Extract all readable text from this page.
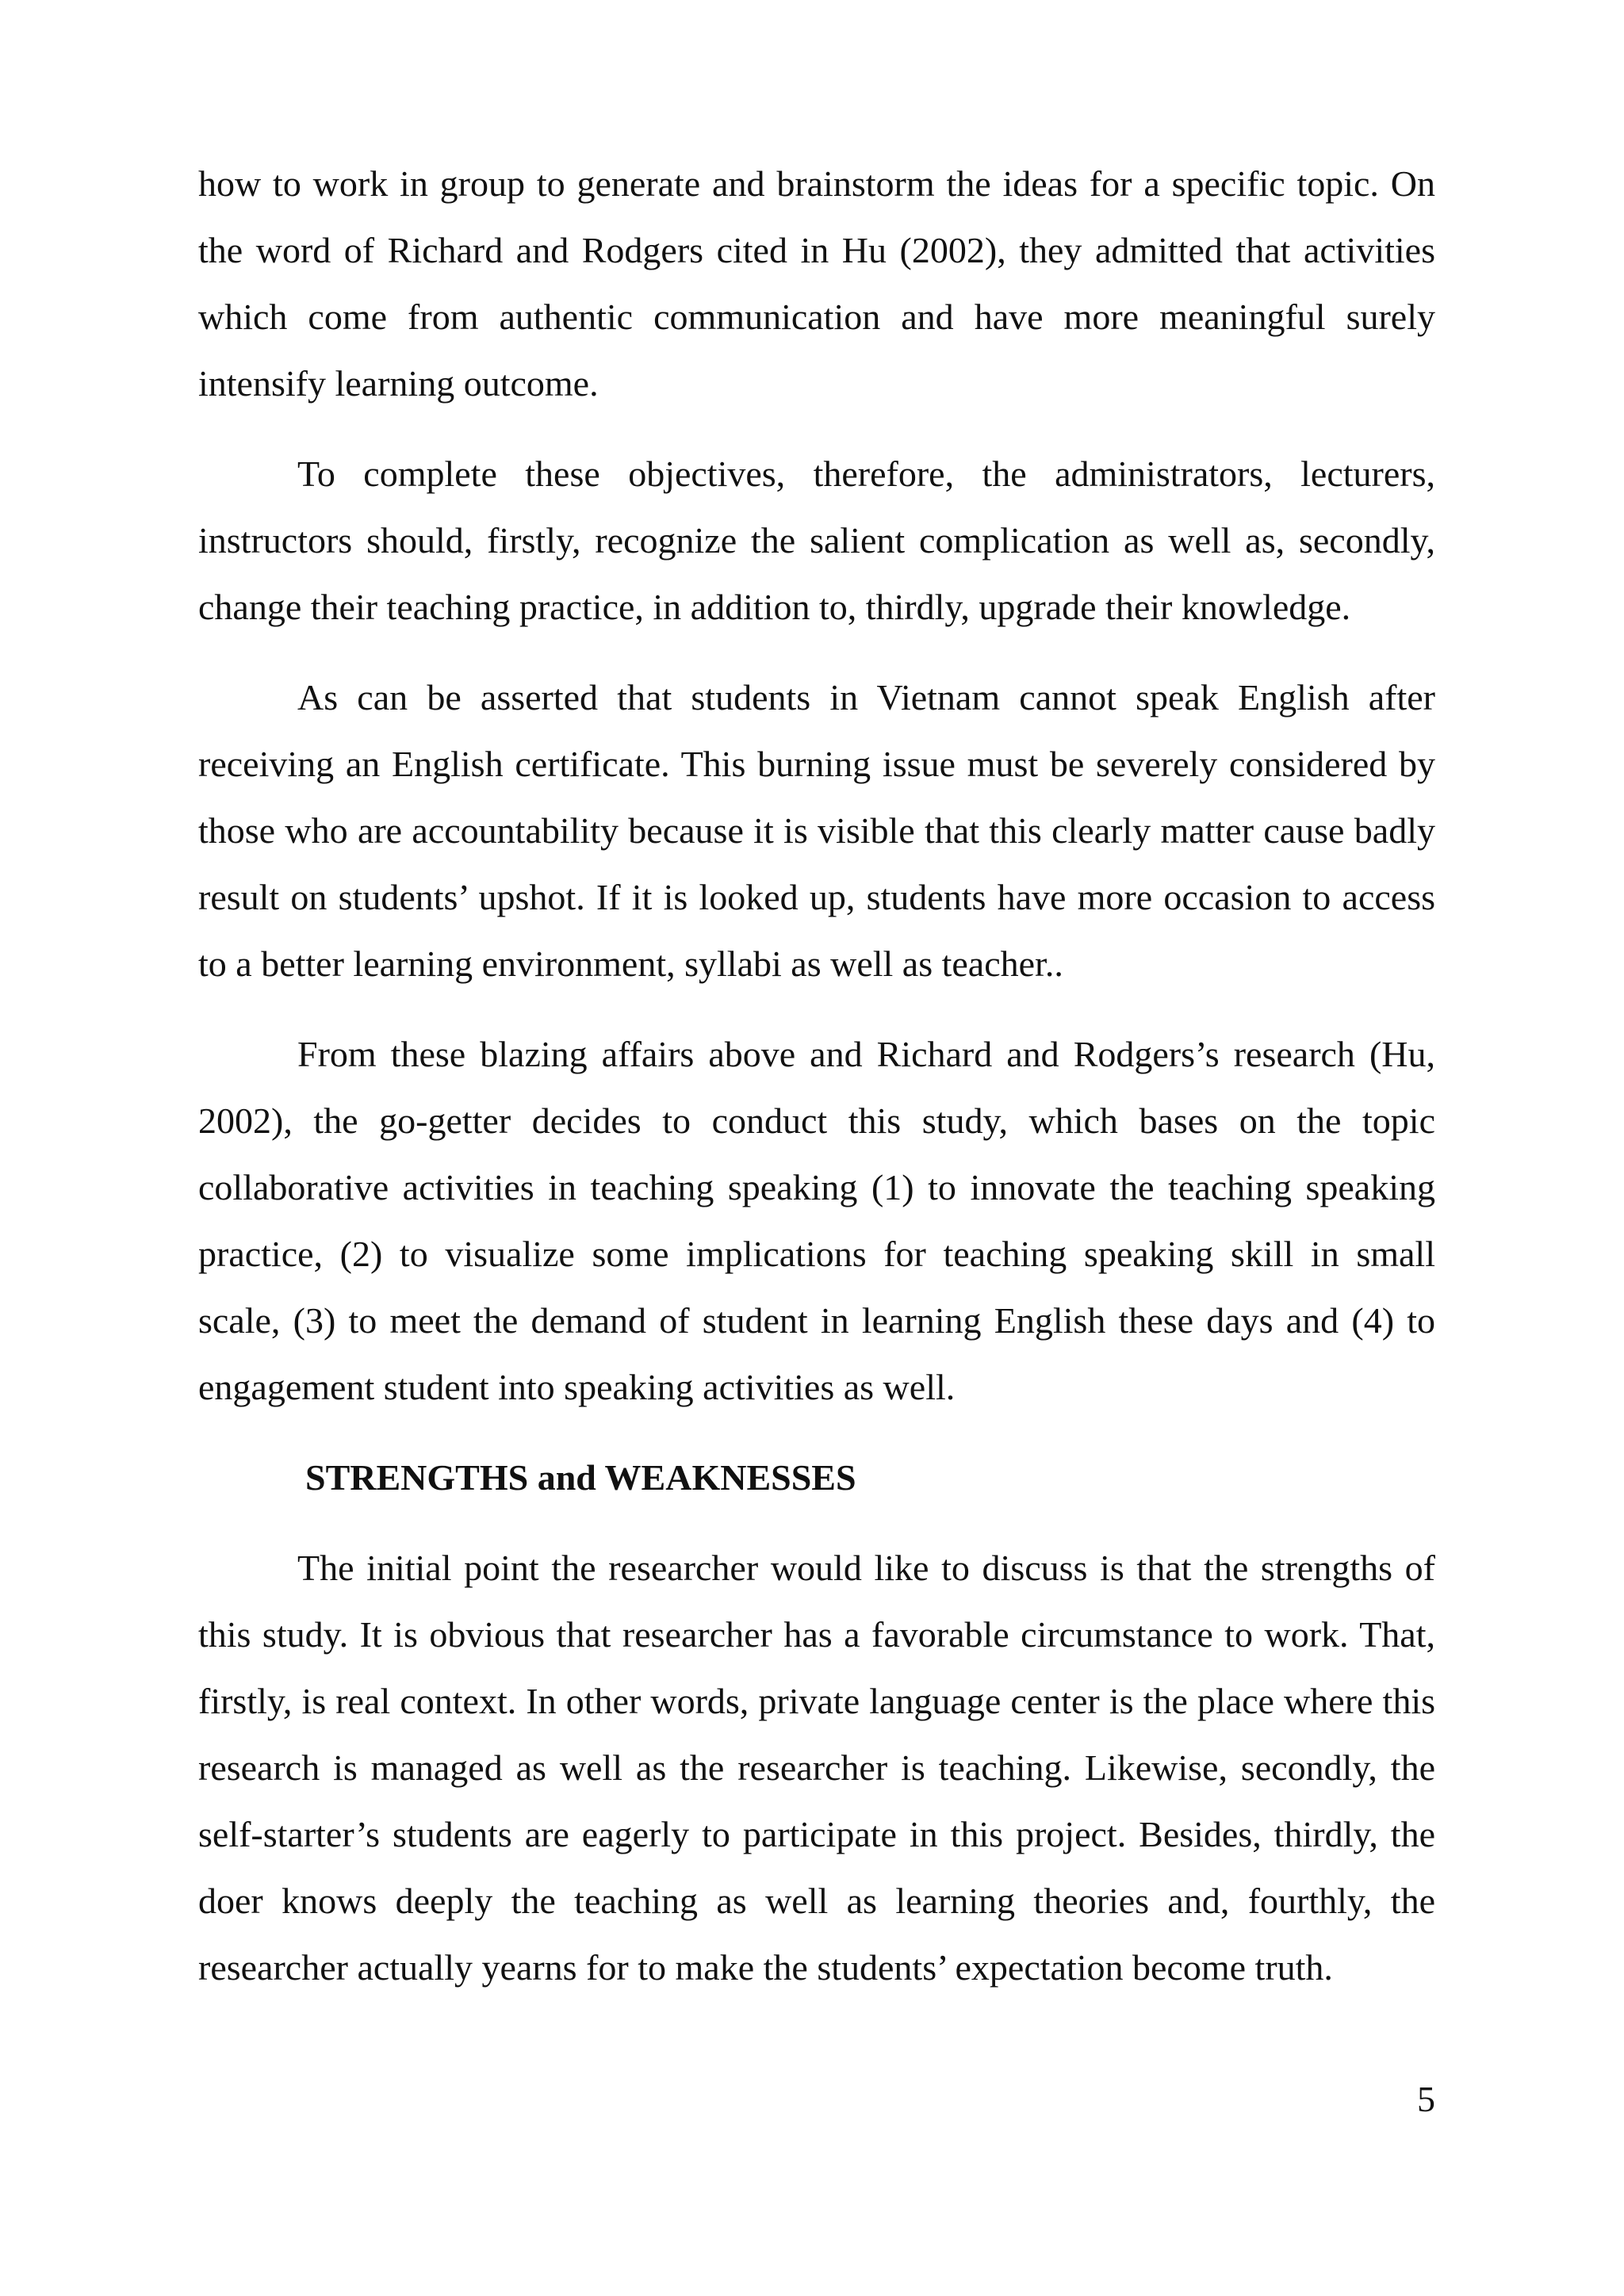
how to work in group to generate and brainstorm the ideas for a specific topic. On the word of Richard and Rodgers cited in Hu (2002), they admitted that activities which come from authentic communication and have more meaningful surely intensify learning outcome.

To complete these objectives, therefore, the administrators, lecturers, instructors should, firstly, recognize the salient complication as well as, secondly, change their teaching practice, in addition to, thirdly, upgrade their knowledge.

As can be asserted that students in Vietnam cannot speak English after receiving an English certificate. This burning issue must be severely considered by those who are accountability because it is visible that this clearly matter cause badly result on students’ upshot. If it is looked up, students have more occasion to access to a better learning environment, syllabi as well as teacher..

From these blazing affairs above and Richard and Rodgers’s research (Hu, 2002), the go-getter decides to conduct this study, which bases on the topic collaborative activities in teaching speaking (1) to innovate the teaching speaking practice, (2) to visualize some implications for teaching speaking skill in small scale, (3) to meet the demand of student in learning English these days and (4) to engagement student into speaking activities as well.

STRENGTHS and WEAKNESSES

The initial point the researcher would like to discuss is that the strengths of this study. It is obvious that researcher has a favorable circumstance to work. That, firstly, is real context. In other words, private language center is the place where this research is managed as well as the researcher is teaching. Likewise, secondly, the self-starter’s students are eagerly to participate in this project. Besides, thirdly, the doer knows deeply the teaching as well as learning theories and, fourthly, the researcher actually yearns for to make the students’ expectation become truth.

5
